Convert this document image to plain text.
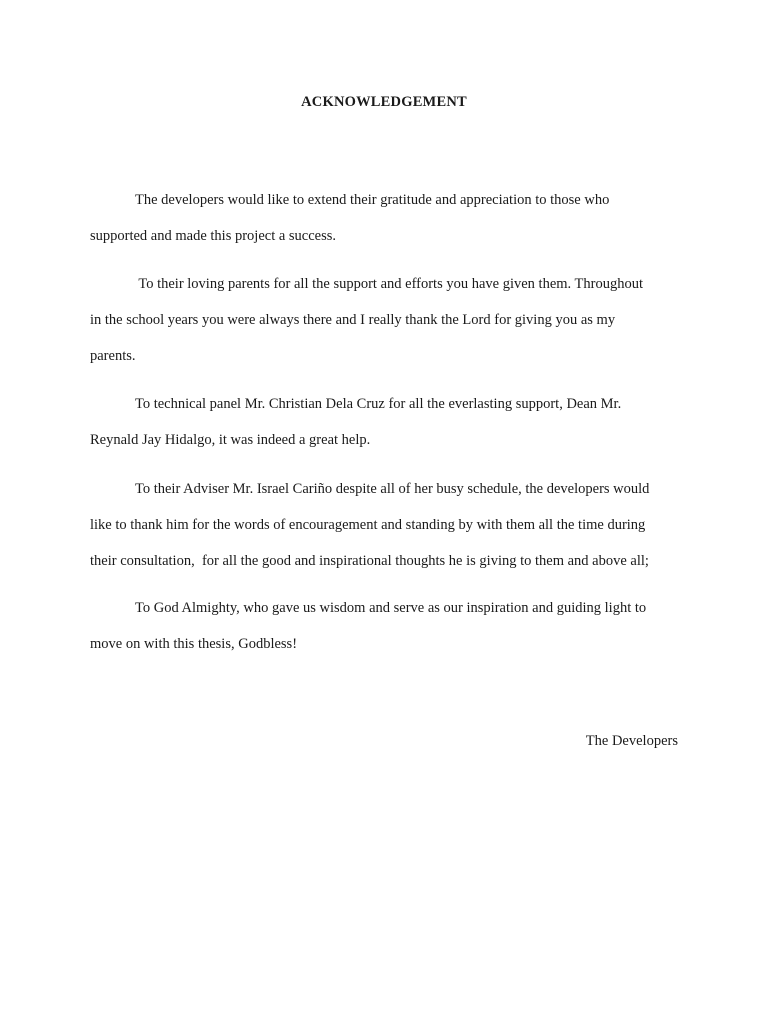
ACKNOWLEDGEMENT
The developers would like to extend their gratitude and appreciation to those who
supported and made this project a success.
To their loving parents for all the support and efforts you have given them. Throughout
in the school years you were always there and I really thank the Lord for giving you as my
parents.
To technical panel Mr. Christian Dela Cruz for all the everlasting support, Dean Mr.
Reynald Jay Hidalgo, it was indeed a great help.
To their Adviser Mr. Israel Cariño despite all of her busy schedule, the developers would
like to thank him for the words of encouragement and standing by with them all the time during
their consultation,  for all the good and inspirational thoughts he is giving to them and above all;
To God Almighty, who gave us wisdom and serve as our inspiration and guiding light to
move on with this thesis, Godbless!
The Developers
